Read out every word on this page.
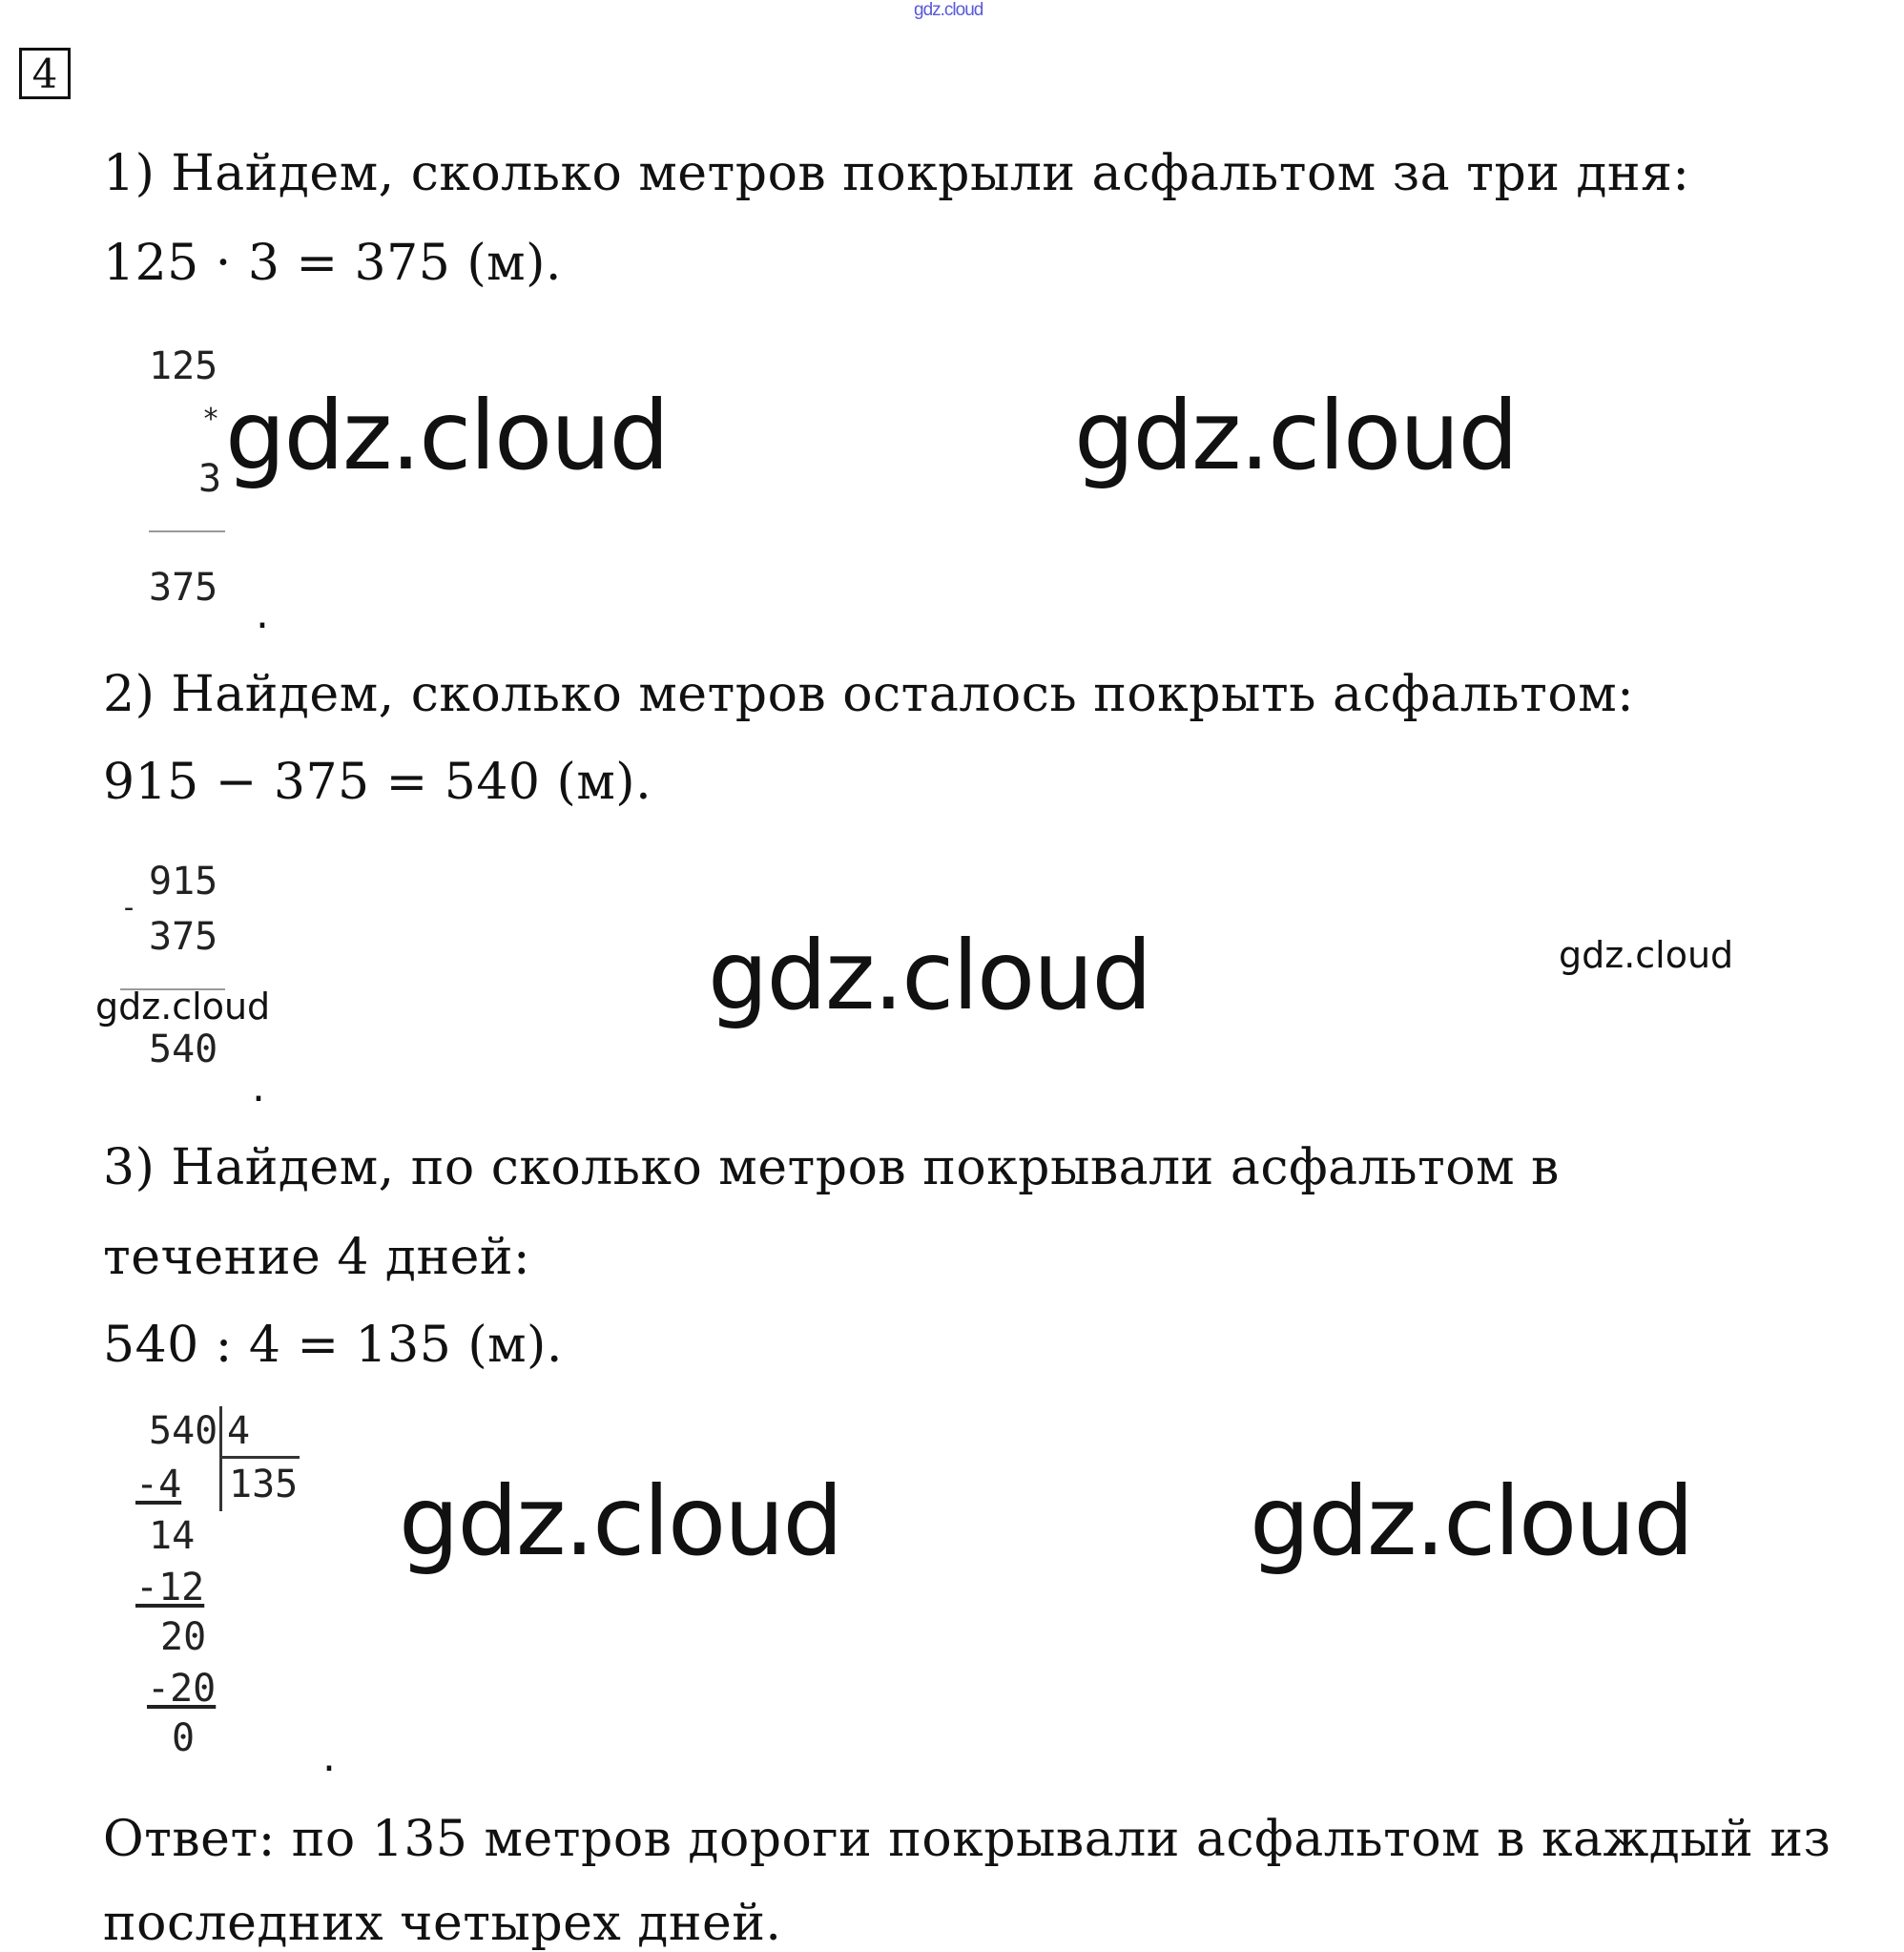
gdz.cloud
4
1) Найдем, сколько метров покрыли асфальтом за три дня:
125 · 3 = 375 (м).
125
*
3
375
.
gdz.cloud	gdz.cloud
2) Найдем, сколько метров осталось покрыть асфальтом:
915 − 375 = 540 (м).
-
915
375
540
.
gdz.cloud	gdz.cloud	gdz.cloud
3) Найдем, по сколько метров покрывали асфальтом в
течение 4 дней:
540 : 4 = 135 (м).
540 4
135
-4
14
-12
20
-20
0	.
gdz.cloud	gdz.cloud
Ответ: по 135 метров дороги покрывали асфальтом в каждый из
последних четырех дней.
